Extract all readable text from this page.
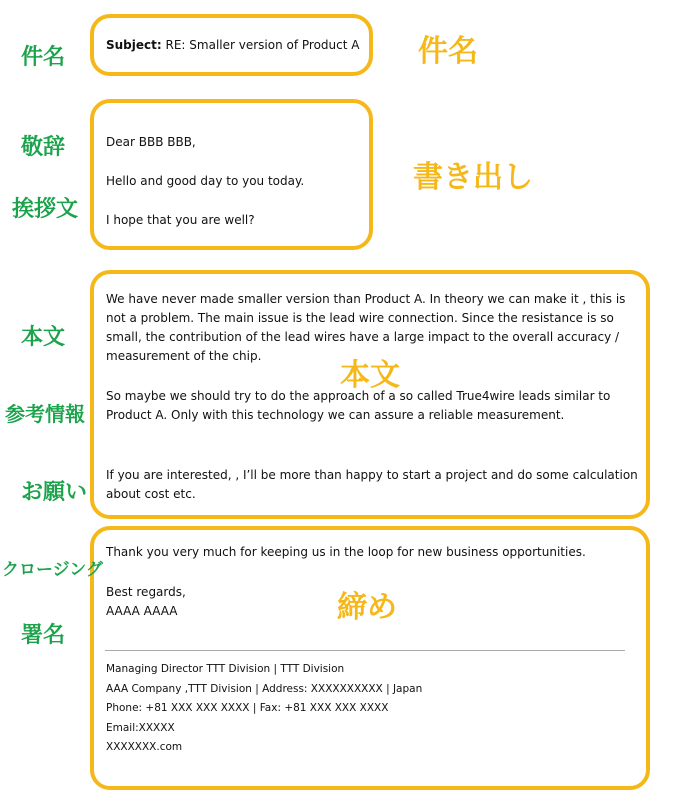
件名
敬辞
挨拶文
本文
参考情報
お願い
クロージング
署名
件名
書き出し
本文
締め

Subject: RE: Smaller version of Product A

Dear BBB BBB,

Hello and good day to you today.

I hope that you are well?

We have never made smaller version than Product A. In theory we can make it , this is not a problem. The main issue is the lead wire connection. Since the resistance is so small, the contribution of the lead wires have a large impact to the overall accuracy / measurement of the chip.

So maybe we should try to do the approach of a so called True4wire leads similar to Product A. Only with this technology we can assure a reliable measurement.

If you are interested, , I’ll be more than happy to start a project and do some calculation about cost etc.

Thank you very much for keeping us in the loop for new business opportunities.

Best regards,

AAAA AAAA

Managing Director TTT Division | TTT Division

AAA Company ,TTT Division | Address: XXXXXXXXXX | Japan

Phone: +81 XXX XXX XXXX | Fax: +81 XXX XXX XXXX

Email:XXXXX

XXXXXXX.com
